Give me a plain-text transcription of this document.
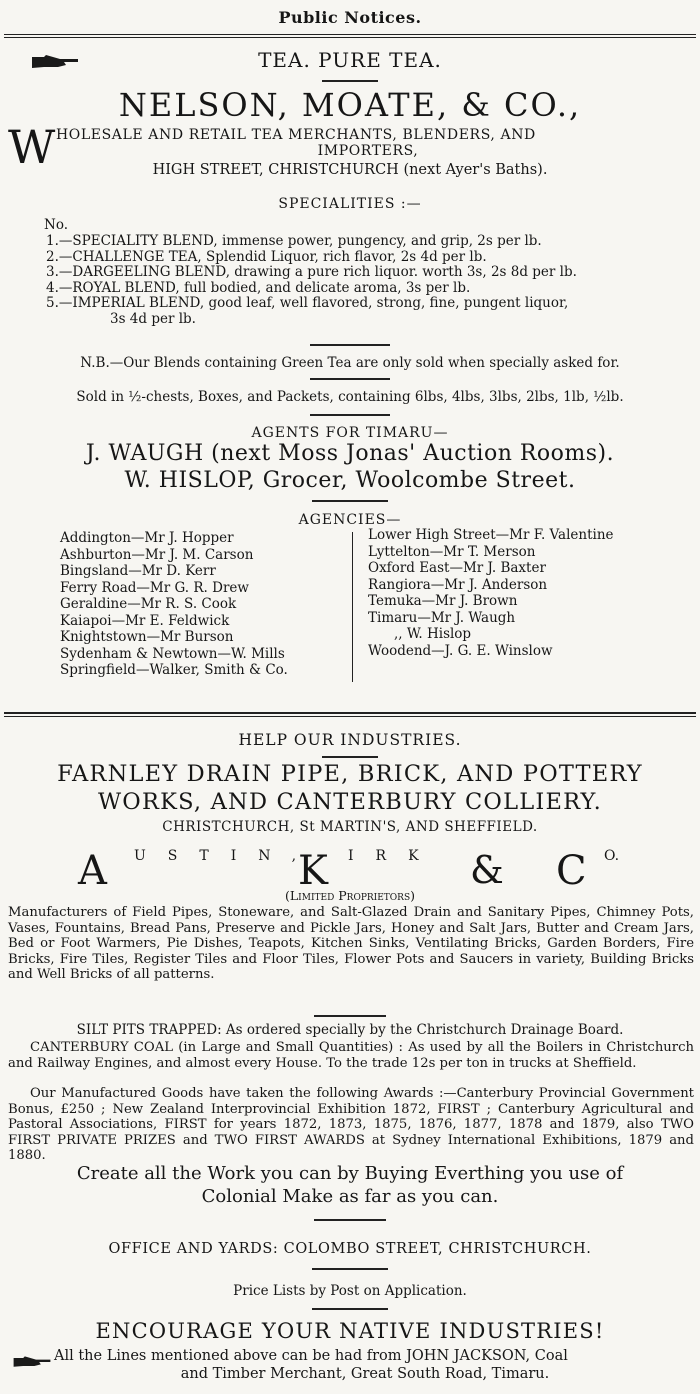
Public Notices.
TEA. PURE TEA.
NELSON, MOATE, & CO.,
W HOLESALE AND RETAIL TEA MERCHANTS, BLENDERS, AND
IMPORTERS,
HIGH STREET, CHRISTCHURCH (next Ayer's Baths).
SPECIALITIES :—
No.
1.—SPECIALITY BLEND, immense power, pungency, and grip, 2s per lb.
2.—CHALLENGE TEA, Splendid Liquor, rich flavor, 2s 4d per lb.
3.—DARGEELING BLEND, drawing a pure rich liquor. worth 3s, 2s 8d per lb.
4.—ROYAL BLEND, full bodied, and delicate aroma, 3s per lb.
5.—IMPERIAL BLEND, good leaf, well flavored, strong, fine, pungent liquor,
3s 4d per lb.
N.B.—Our Blends containing Green Tea are only sold when specially asked for.
Sold in ½-chests, Boxes, and Packets, containing 6lbs, 4lbs, 3lbs, 2lbs, 1lb, ½lb.
AGENTS FOR TIMARU—
J. WAUGH (next Moss Jonas' Auction Rooms).
W. HISLOP, Grocer, Woolcombe Street.
AGENCIES—
Addington—Mr J. Hopper
Ashburton—Mr J. M. Carson
Bingsland—Mr D. Kerr
Ferry Road—Mr G. R. Drew
Geraldine—Mr R. S. Cook
Kaiapoi—Mr E. Feldwick
Knightstown—Mr Burson
Sydenham & Newtown—W. Mills
Springfield—Walker, Smith & Co.
Lower High Street—Mr F. Valentine
Lyttelton—Mr T. Merson
Oxford East—Mr J. Baxter
Rangiora—Mr J. Anderson
Temuka—Mr J. Brown
Timaru—Mr J. Waugh
,, W. Hislop
Woodend—J. G. E. Winslow
HELP OUR INDUSTRIES.
FARNLEY DRAIN PIPE, BRICK, AND POTTERY
WORKS, AND CANTERBURY COLLIERY.
CHRISTCHURCH, St MARTIN'S, AND SHEFFIELD.
A USTIN,
K IRK & C O.
(Limited Proprietors)
Manufacturers of Field Pipes, Stoneware, and Salt-Glazed Drain and Sanitary Pipes, Chimney Pots, Vases, Fountains, Bread Pans, Preserve and Pickle Jars, Honey and Salt Jars, Butter and Cream Jars, Bed or Foot Warmers, Pie Dishes, Teapots, Kitchen Sinks, Ventilating Bricks, Garden Borders, Fire Bricks, Fire Tiles, Register Tiles and Floor Tiles, Flower Pots and Saucers in variety, Building Bricks and Well Bricks of all patterns.
SILT PITS TRAPPED: As ordered specially by the Christchurch Drainage Board.
CANTERBURY COAL (in Large and Small Quantities) : As used by all the Boilers in Christchurch and Railway Engines, and almost every House. To the trade 12s per ton in trucks at Sheffield.
Our Manufactured Goods have taken the following Awards :—Canterbury Provincial Government Bonus, £250 ; New Zealand Interprovincial Exhibition 1872, FIRST ; Canterbury Agricultural and Pastoral Associations, FIRST for years 1872, 1873, 1875, 1876, 1877, 1878 and 1879, also TWO FIRST PRIVATE PRIZES and TWO FIRST AWARDS at Sydney International Exhibitions, 1879 and 1880.
Create all the Work you can by Buying Everthing you use of
Colonial Make as far as you can.
OFFICE AND YARDS: COLOMBO STREET, CHRISTCHURCH.
Price Lists by Post on Application.
ENCOURAGE YOUR NATIVE INDUSTRIES!
All the Lines mentioned above can be had from JOHN JACKSON, Coal
and Timber Merchant, Great South Road, Timaru.
